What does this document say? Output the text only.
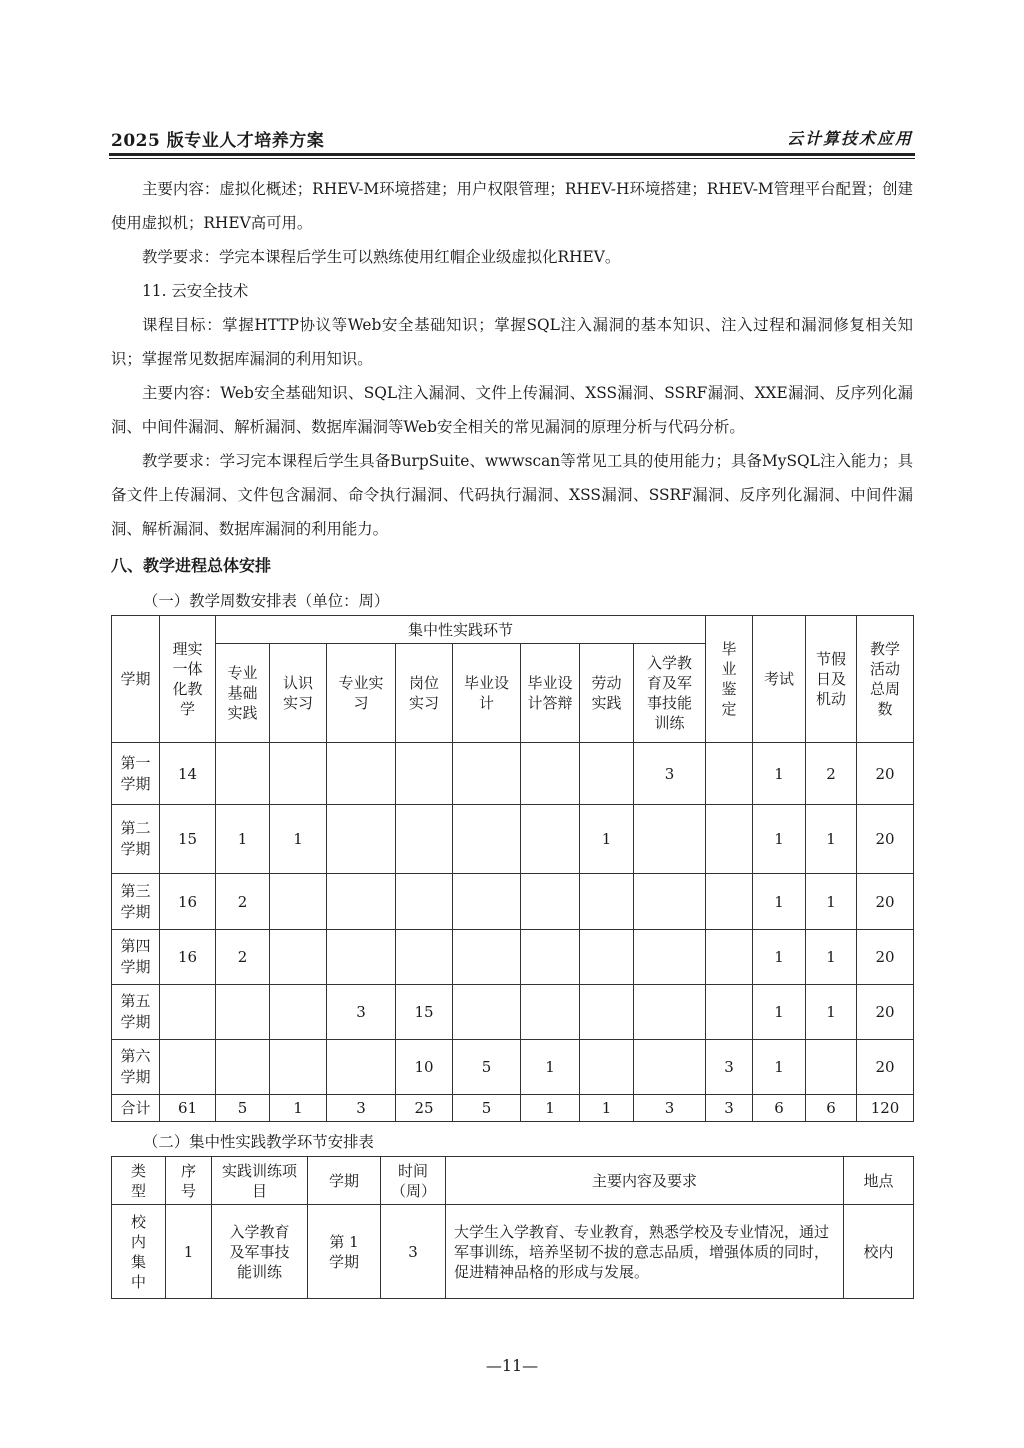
2025 版专业人才培养方案	云计算技术应用

主要内容：虚拟化概述；RHEV-M环境搭建；用户权限管理；RHEV-H环境搭建；RHEV-M管理平台配置；创建使用虚拟机；RHEV高可用。

教学要求：学完本课程后学生可以熟练使用红帽企业级虚拟化RHEV。

11. 云安全技术

课程目标：掌握HTTP协议等Web安全基础知识；掌握SQL注入漏洞的基本知识、注入过程和漏洞修复相关知识；掌握常见数据库漏洞的利用知识。

主要内容：Web安全基础知识、SQL注入漏洞、文件上传漏洞、XSS漏洞、SSRF漏洞、XXE漏洞、反序列化漏洞、中间件漏洞、解析漏洞、数据库漏洞等Web安全相关的常见漏洞的原理分析与代码分析。

教学要求：学习完本课程后学生具备BurpSuite、wwwscan等常见工具的使用能力；具备MySQL注入能力；具备文件上传漏洞、文件包含漏洞、命令执行漏洞、代码执行漏洞、XSS漏洞、SSRF漏洞、反序列化漏洞、中间件漏洞、解析漏洞、数据库漏洞的利用能力。

八、教学进程总体安排
（一）教学周数安排表（单位：周）
学期	理实一体化教学	集中性实践环节								毕业鉴定	考试	节假日及机动	教学活动总周数
		专业基础实践	认识实习	专业实习	岗位实习	毕业设计	毕业设计答辩	劳动实践	入学教育及军事技能训练				
第一学期	14								3		1	2	20
第二学期	15	1	1					1			1	1	20
第三学期	16	2									1	1	20
第四学期	16	2									1	1	20
第五学期				3	15						1	1	20
第六学期					10	5	1			3	1		20
合计	61	5	1	3	25	5	1	1	3	3	6	6	120
（二）集中性实践教学环节安排表
类型	序号	实践训练项目	学期	时间（周）	主要内容及要求	地点
校内集中	1	入学教育及军事技能训练	第 1 学期	3	大学生入学教育、专业教育，熟悉学校及专业情况，通过军事训练，培养坚韧不拔的意志品质，增强体质的同时，促进精神品格的形成与发展。	校内
—11—
